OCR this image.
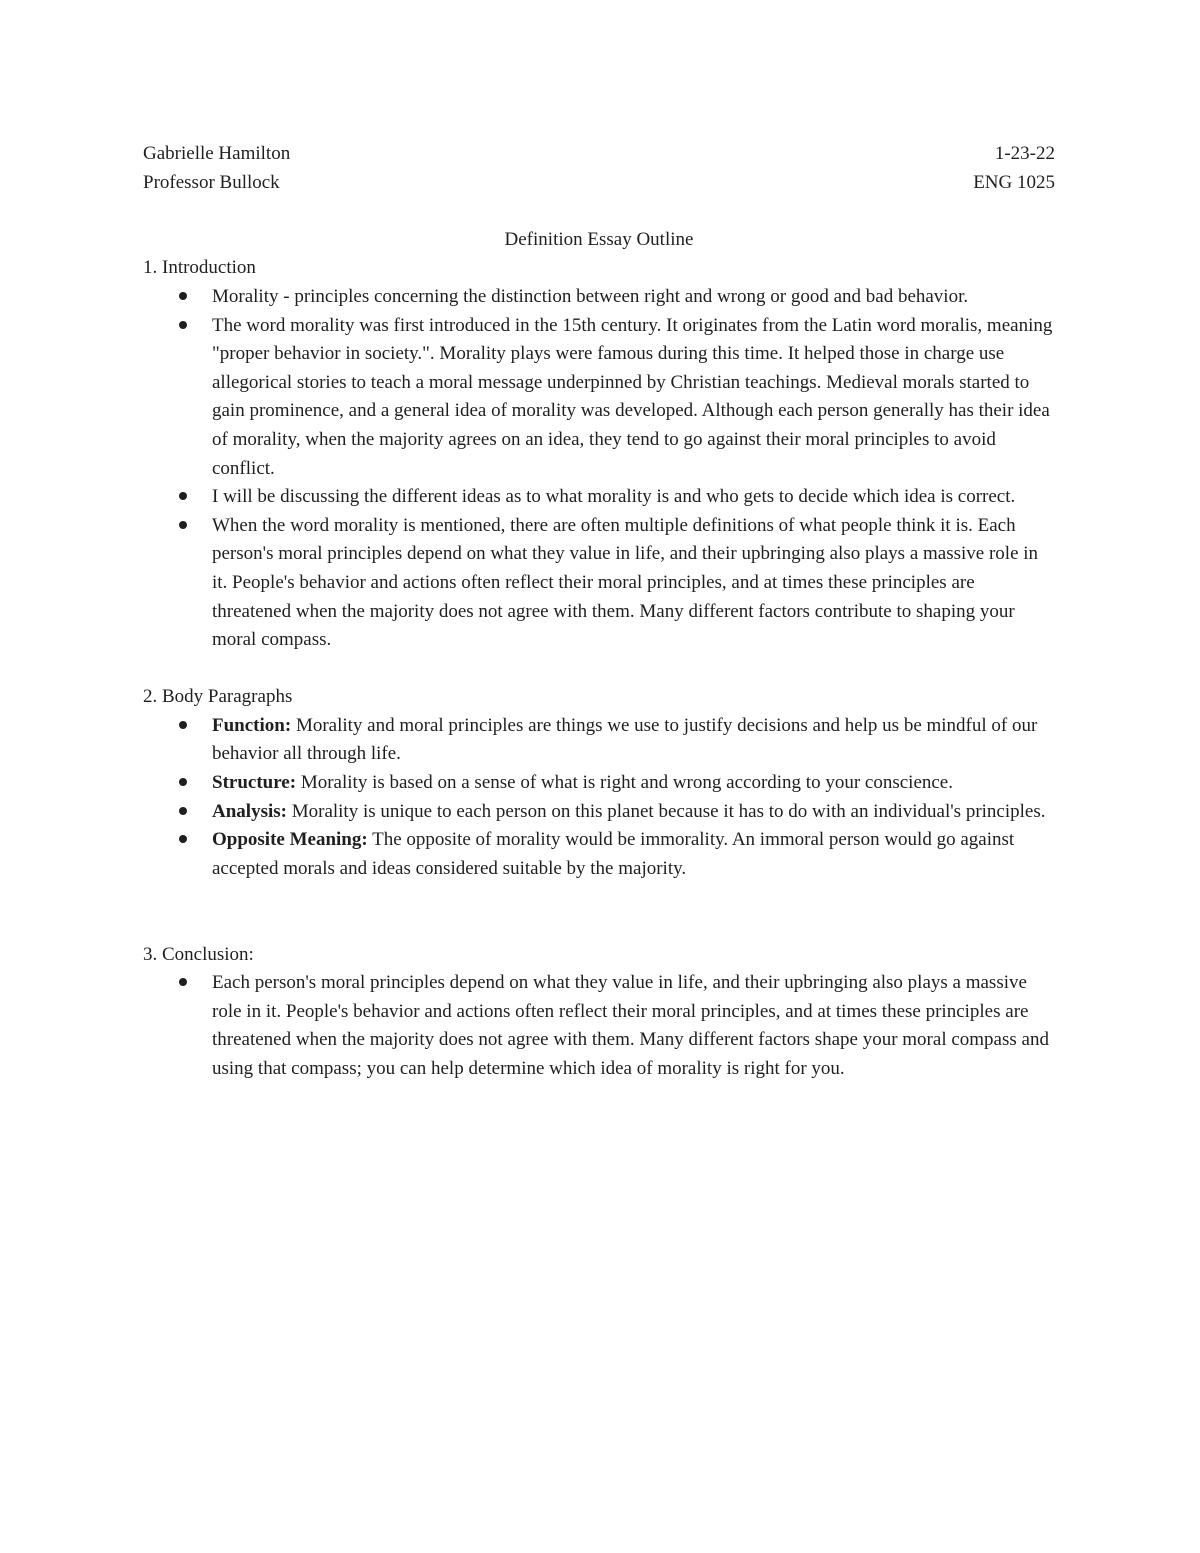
Gabrielle Hamilton	1-23-22
Professor Bullock	ENG 1025
Definition Essay Outline
1. Introduction
Morality - principles concerning the distinction between right and wrong or good and bad behavior.
The word morality was first introduced in the 15th century. It originates from the Latin word moralis, meaning "proper behavior in society.". Morality plays were famous during this time. It helped those in charge use allegorical stories to teach a moral message underpinned by Christian teachings. Medieval morals started to gain prominence, and a general idea of morality was developed. Although each person generally has their idea of morality, when the majority agrees on an idea, they tend to go against their moral principles to avoid conflict.
I will be discussing the different ideas as to what morality is and who gets to decide which idea is correct.
When the word morality is mentioned, there are often multiple definitions of what people think it is. Each person's moral principles depend on what they value in life, and their upbringing also plays a massive role in it. People's behavior and actions often reflect their moral principles, and at times these principles are threatened when the majority does not agree with them. Many different factors contribute to shaping your moral compass.
2. Body Paragraphs
Function: Morality and moral principles are things we use to justify decisions and help us be mindful of our behavior all through life.
Structure: Morality is based on a sense of what is right and wrong according to your conscience.
Analysis: Morality is unique to each person on this planet because it has to do with an individual's principles.
Opposite Meaning: The opposite of morality would be immorality. An immoral person would go against accepted morals and ideas considered suitable by the majority.
3. Conclusion:
Each person's moral principles depend on what they value in life, and their upbringing also plays a massive role in it. People's behavior and actions often reflect their moral principles, and at times these principles are threatened when the majority does not agree with them. Many different factors shape your moral compass and using that compass; you can help determine which idea of morality is right for you.
